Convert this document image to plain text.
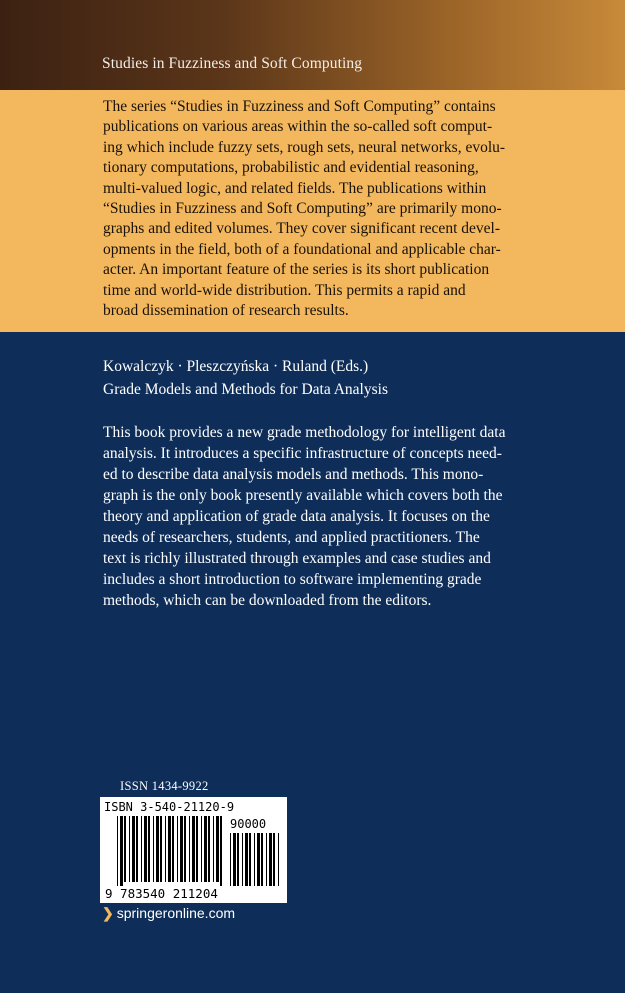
Studies in Fuzziness and Soft Computing

The series “Studies in Fuzziness and Soft Computing” contains
publications on various areas within the so-called soft comput-
ing which include fuzzy sets, rough sets, neural networks, evolu-
tionary computations, probabilistic and evidential reasoning,
multi-valued logic, and related fields. The publications within
“Studies in Fuzziness and Soft Computing” are primarily mono-
graphs and edited volumes. They cover significant recent devel-
opments in the field, both of a foundational and applicable char-
acter. An important feature of the series is its short publication
time and world-wide distribution. This permits a rapid and
broad dissemination of research results.

Kowalczyk · Pleszczyńska · Ruland (Eds.)
Grade Models and Methods for Data Analysis

This book provides a new grade methodology for intelligent data
analysis. It introduces a specific infrastructure of concepts need-
ed to describe data analysis models and methods. This mono-
graph is the only book presently available which covers both the
theory and application of grade data analysis. It focuses on the
needs of researchers, students, and applied practitioners. The
text is richly illustrated through examples and case studies and
includes a short introduction to software implementing grade
methods, which can be downloaded from the editors.

ISSN 1434-9922
ISBN 3-540-21120-9
90000
9 783540 211204
❯ springeronline.com
